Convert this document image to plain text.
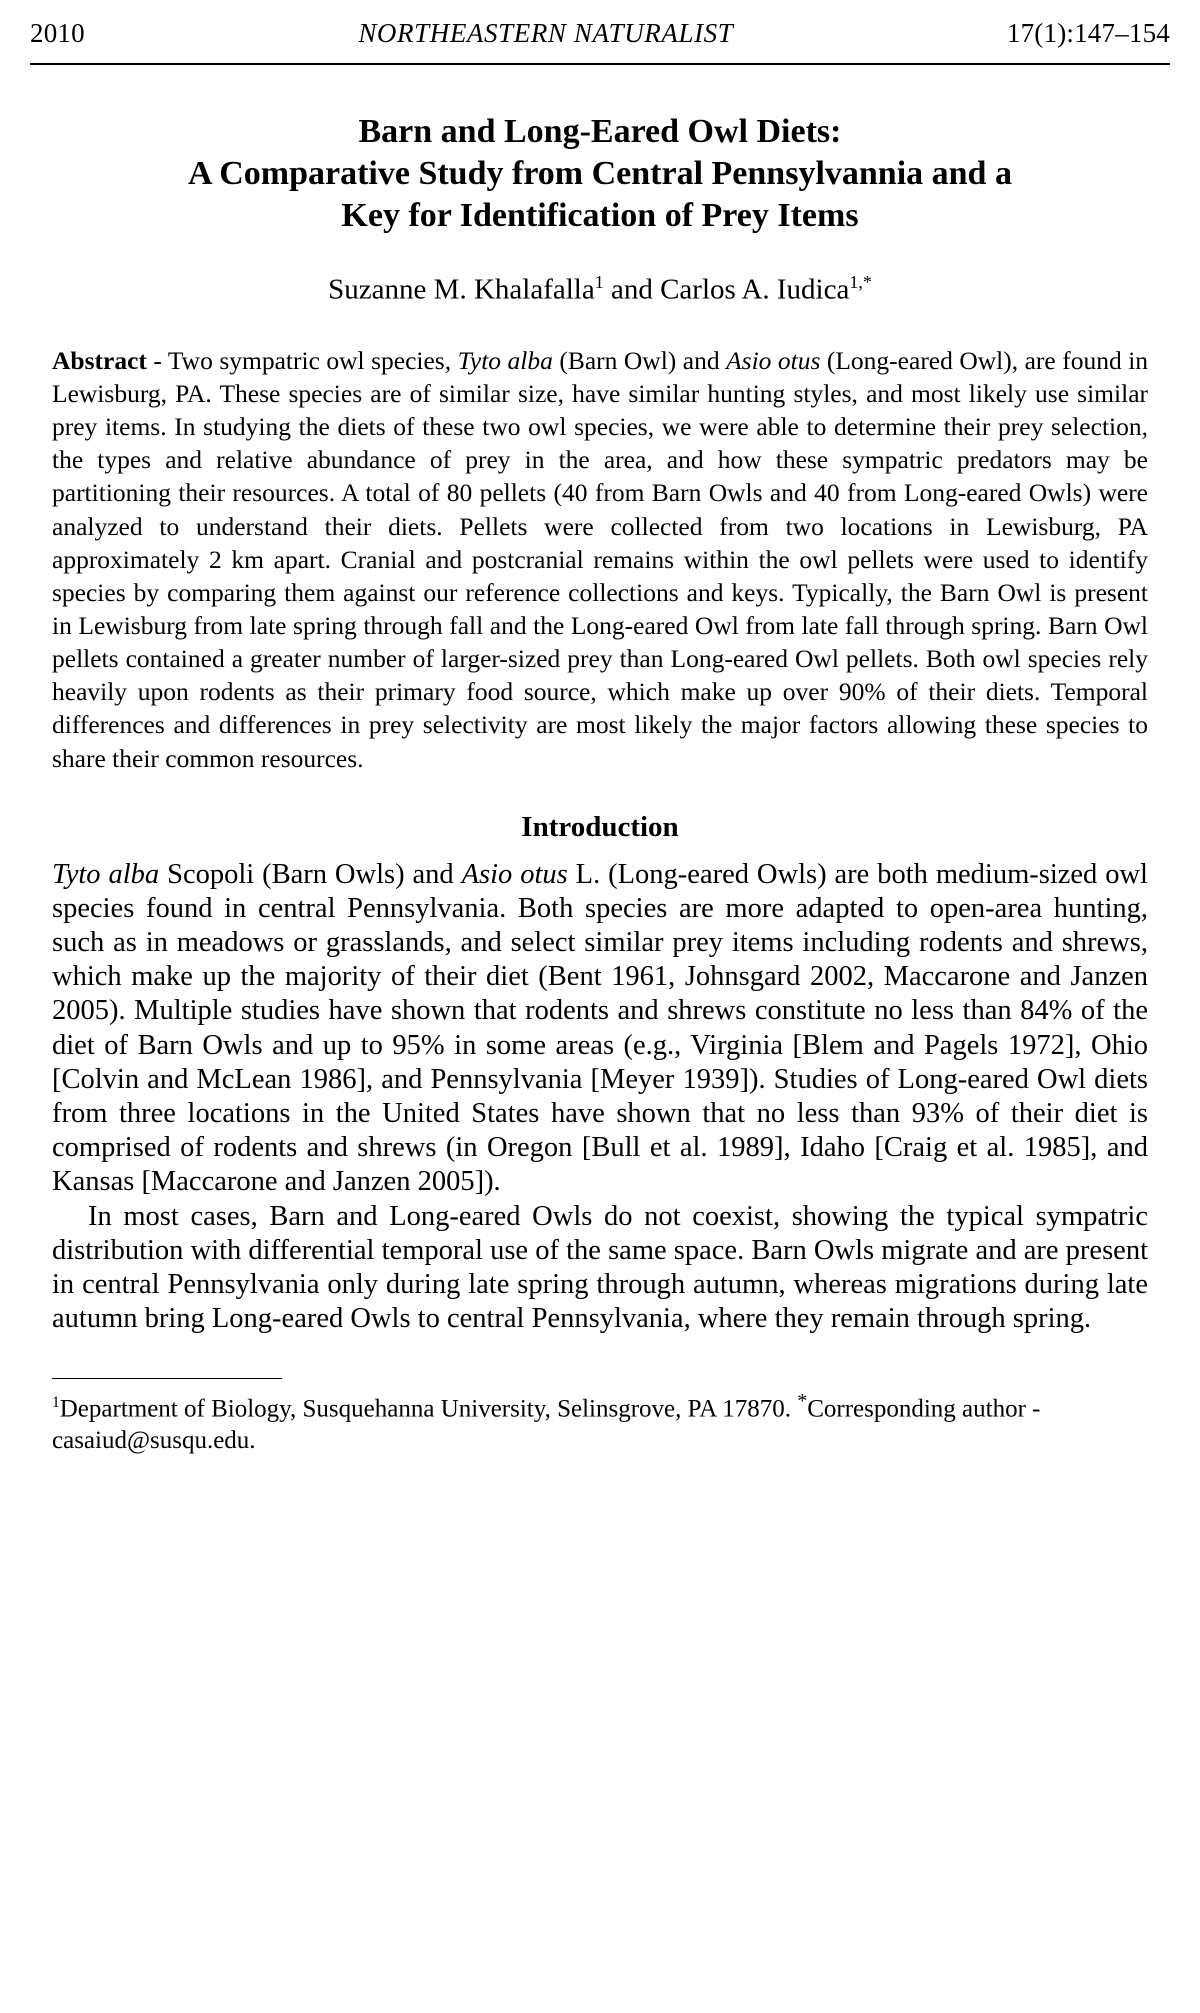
2010	NORTHEASTERN NATURALIST	17(1):147–154
Barn and Long-Eared Owl Diets:
A Comparative Study from Central Pennsylvannia and a
Key for Identification of Prey Items
Suzanne M. Khalafalla$^1$ and Carlos A. Iudica$^{1,*}$
Abstract - Two sympatric owl species, Tyto alba (Barn Owl) and Asio otus (Long-eared Owl), are found in Lewisburg, PA. These species are of similar size, have similar hunting styles, and most likely use similar prey items. In studying the diets of these two owl species, we were able to determine their prey selection, the types and relative abundance of prey in the area, and how these sympatric predators may be partitioning their resources. A total of 80 pellets (40 from Barn Owls and 40 from Long-eared Owls) were analyzed to understand their diets. Pellets were collected from two locations in Lewisburg, PA approximately 2 km apart. Cranial and postcranial remains within the owl pellets were used to identify species by comparing them against our reference collections and keys. Typically, the Barn Owl is present in Lewisburg from late spring through fall and the Long-eared Owl from late fall through spring. Barn Owl pellets contained a greater number of larger-sized prey than Long-eared Owl pellets. Both owl species rely heavily upon rodents as their primary food source, which make up over 90% of their diets. Temporal differences and differences in prey selectivity are most likely the major factors allowing these species to share their common resources.
Introduction

Tyto alba Scopoli (Barn Owls) and Asio otus L. (Long-eared Owls) are both medium-sized owl species found in central Pennsylvania. Both species are more adapted to open-area hunting, such as in meadows or grasslands, and select similar prey items including rodents and shrews, which make up the majority of their diet (Bent 1961, Johnsgard 2002, Maccarone and Janzen 2005). Multiple studies have shown that rodents and shrews constitute no less than 84% of the diet of Barn Owls and up to 95% in some areas (e.g., Virginia [Blem and Pagels 1972], Ohio [Colvin and McLean 1986], and Pennsylvania [Meyer 1939]). Studies of Long-eared Owl diets from three locations in the United States have shown that no less than 93% of their diet is comprised of rodents and shrews (in Oregon [Bull et al. 1989], Idaho [Craig et al. 1985], and Kansas [Maccarone and Janzen 2005]).

In most cases, Barn and Long-eared Owls do not coexist, showing the typical sympatric distribution with differential temporal use of the same space. Barn Owls migrate and are present in central Pennsylvania only during late spring through autumn, whereas migrations during late autumn bring Long-eared Owls to central Pennsylvania, where they remain through spring.

$^1$Department of Biology, Susquehanna University, Selinsgrove, PA 17870. *Corresponding author - casaiud@susqu.edu.
